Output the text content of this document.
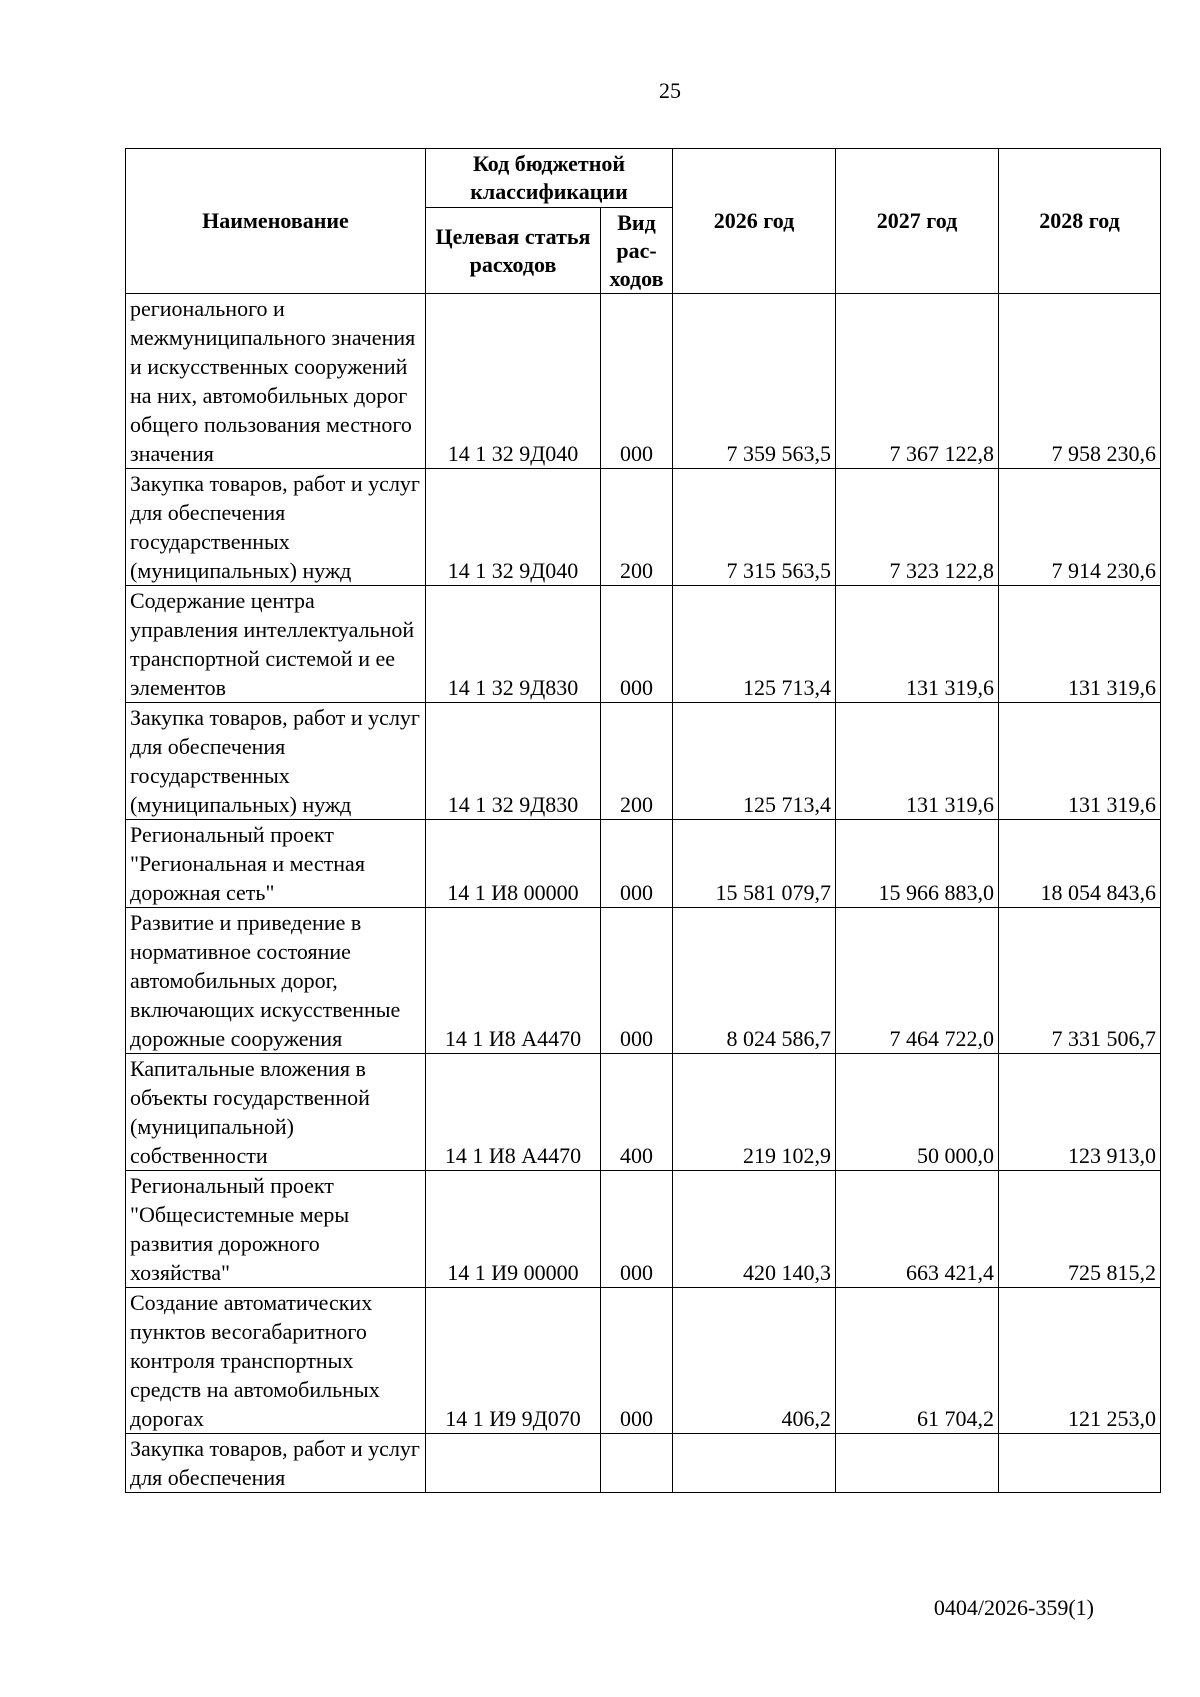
25
Наименование	Код бюджетной классификации		2026 год	2027 год	2028 год
	Целевая статья расходов	Вид рас-ходов			
регионального и межмуниципального значения и искусственных сооружений на них, автомобильных дорог общего пользования местного значения	14 1 32 9Д040	000	7 359 563,5	7 367 122,8	7 958 230,6
Закупка товаров, работ и услуг для обеспечения государственных (муниципальных) нужд	14 1 32 9Д040	200	7 315 563,5	7 323 122,8	7 914 230,6
Содержание центра управления интеллектуальной транспортной системой и ее элементов	14 1 32 9Д830	000	125 713,4	131 319,6	131 319,6
Закупка товаров, работ и услуг для обеспечения государственных (муниципальных) нужд	14 1 32 9Д830	200	125 713,4	131 319,6	131 319,6
Региональный проект "Региональная и местная дорожная сеть"	14 1 И8 00000	000	15 581 079,7	15 966 883,0	18 054 843,6
Развитие и приведение в нормативное состояние автомобильных дорог, включающих искусственные дорожные сооружения	14 1 И8 А4470	000	8 024 586,7	7 464 722,0	7 331 506,7
Капитальные вложения в объекты государственной (муниципальной) собственности	14 1 И8 А4470	400	219 102,9	50 000,0	123 913,0
Региональный проект "Общесистемные меры развития дорожного хозяйства"	14 1 И9 00000	000	420 140,3	663 421,4	725 815,2
Создание автоматических пунктов весогабаритного контроля транспортных средств на автомобильных дорогах	14 1 И9 9Д070	000	406,2	61 704,2	121 253,0
Закупка товаров, работ и услуг для обеспечения					
0404/2026-359(1)
